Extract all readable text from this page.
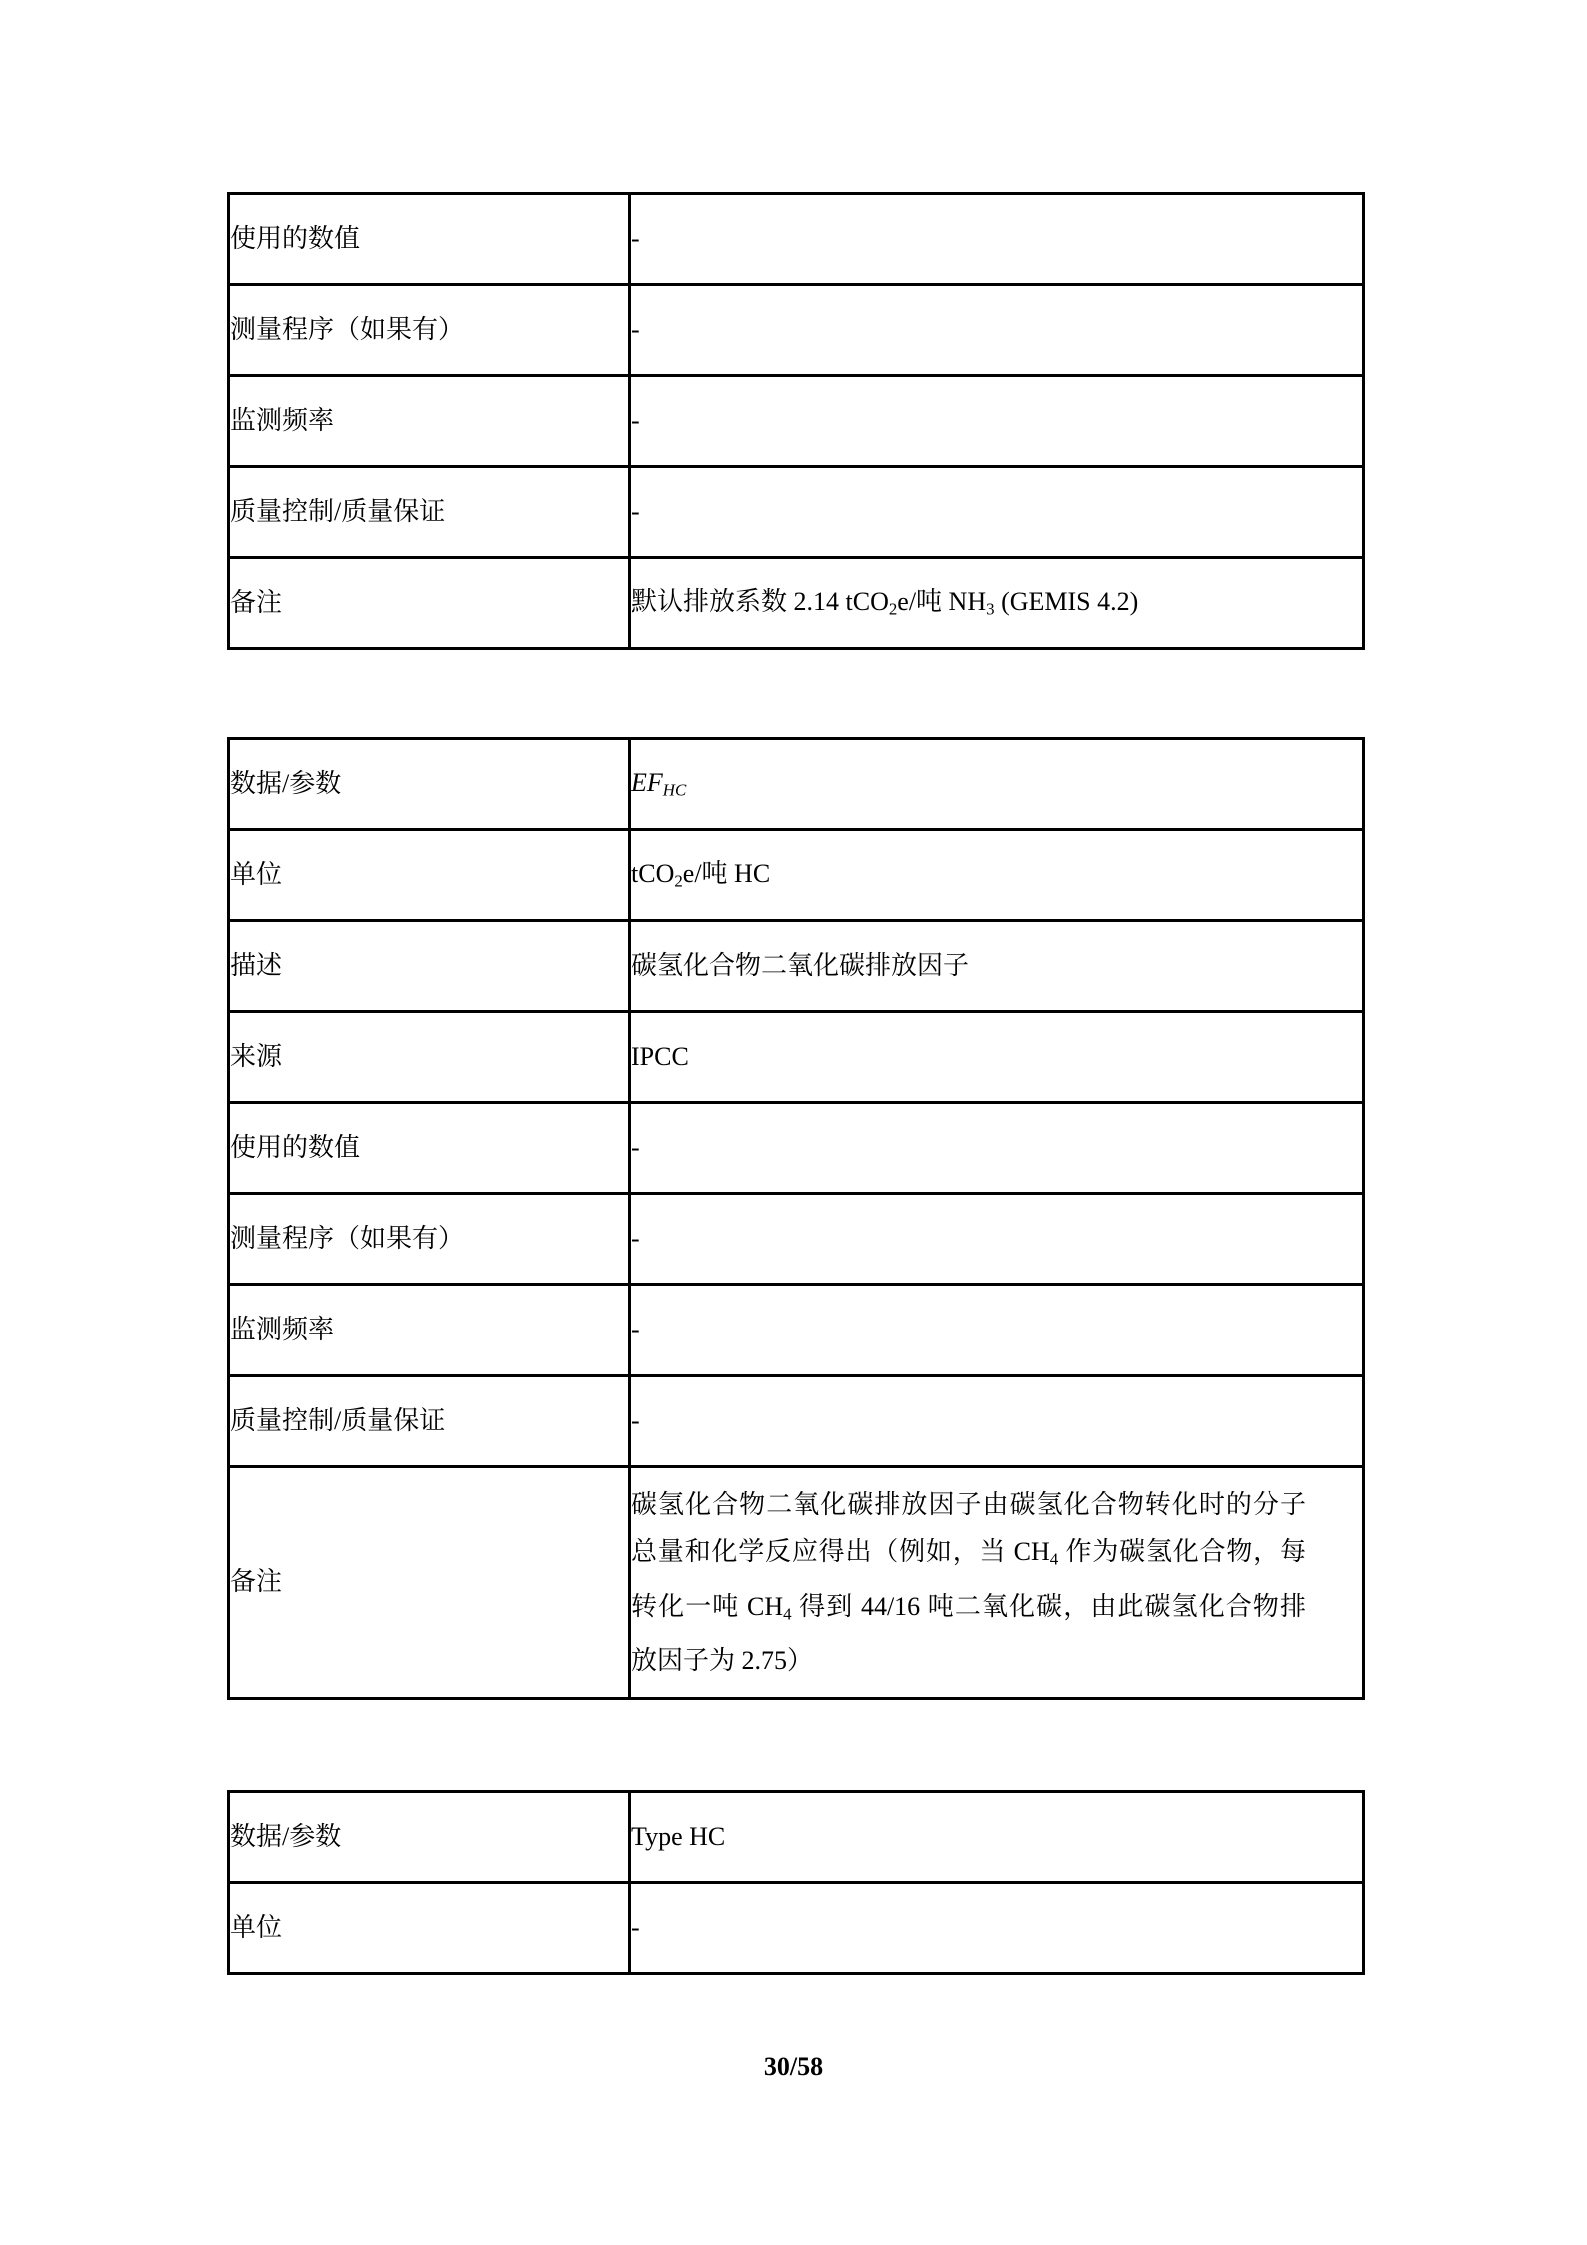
使用的数值	-
测量程序（如果有）	-
监测频率	-
质量控制/质量保证	-
备注	默认排放系数 2.14 tCO2e/吨 NH3 (GEMIS 4.2)
数据/参数	EFHC
单位	tCO2e/吨 HC
描述	碳氢化合物二氧化碳排放因子
来源	IPCC
使用的数值	-
测量程序（如果有）	-
监测频率	-
质量控制/质量保证	-
备注	碳氢化合物二氧化碳排放因子由碳氢化合物转化时的分子总量和化学反应得出（例如，当 CH4 作为碳氢化合物，每转化一吨 CH4 得到 44/16 吨二氧化碳，由此碳氢化合物排放因子为 2.75）
数据/参数	Type HC
单位	-
30/58
